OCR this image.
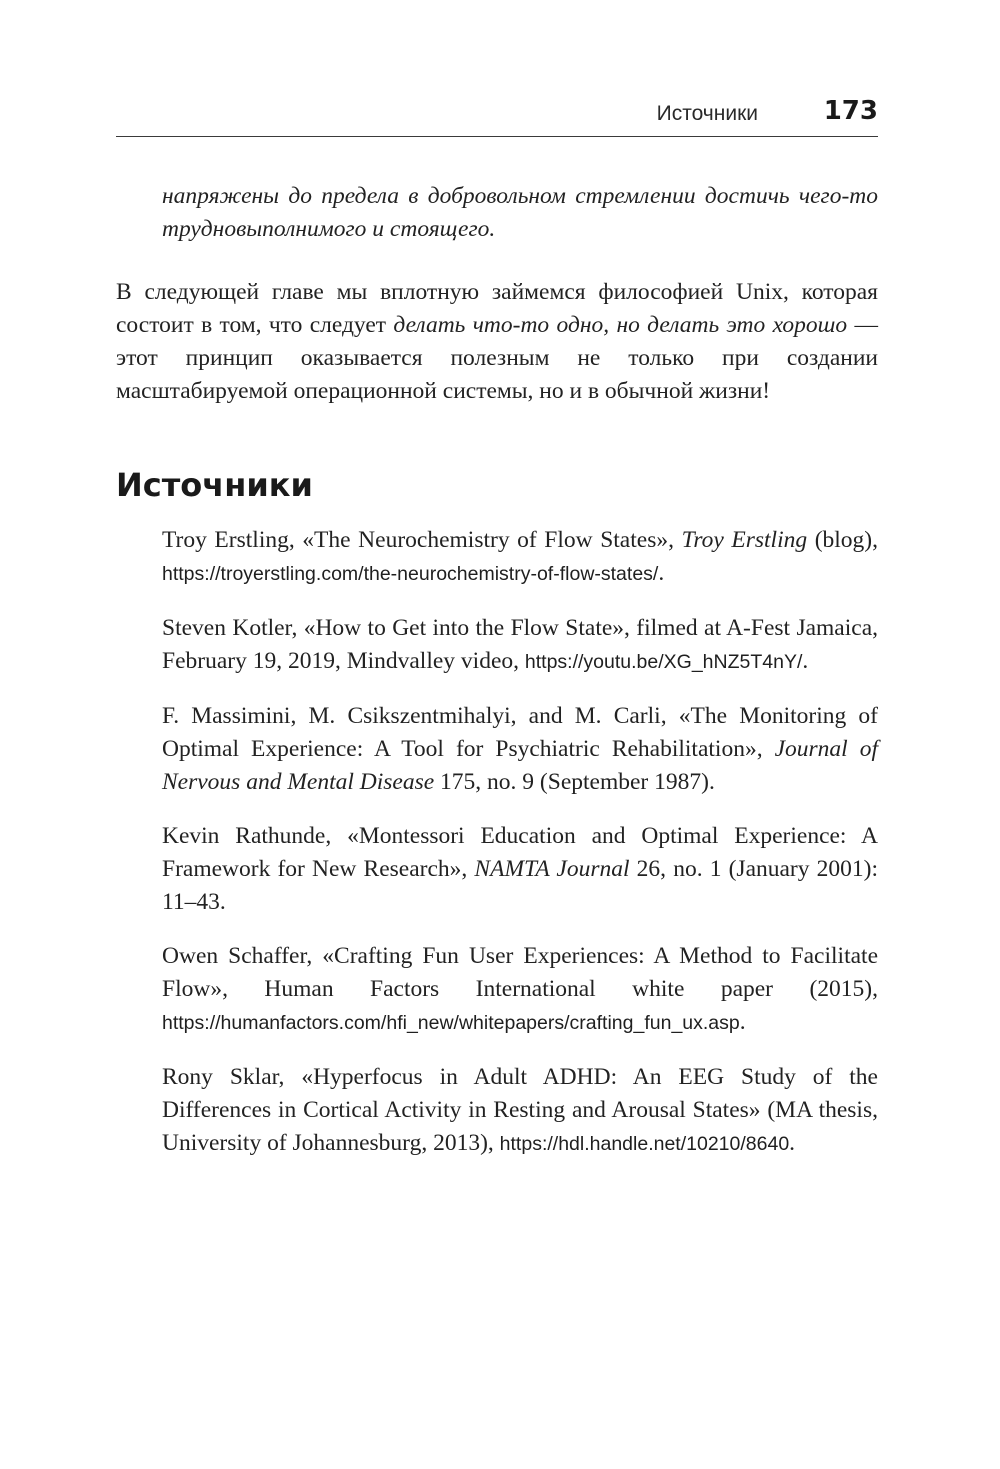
Источники	173

напряжены до предела в добровольном стремлении достичь чего-то трудновыполнимого и стоящего.

В следующей главе мы вплотную займемся философией Unix, которая состоит в том, что следует делать что-то одно, но делать это хорошо — этот принцип оказывается полезным не только при создании масштабируемой операционной системы, но и в обычной жизни!

Источники

Troy Erstling, «The Neurochemistry of Flow States», Troy Erstling (blog), https://troyerstling.com/the-neurochemistry-of-flow-states/.

Steven Kotler, «How to Get into the Flow State», filmed at A-Fest Jamaica, February 19, 2019, Mindvalley video, https://youtu.be/XG_hNZ5T4nY/.

F. Massimini, M. Csikszentmihalyi, and M. Carli, «The Monitoring of Optimal Experience: A Tool for Psychiatric Rehabilitation», Journal of Nervous and Mental Disease 175, no. 9 (September 1987).

Kevin Rathunde, «Montessori Education and Optimal Experience: A Framework for New Research», NAMTA Journal 26, no. 1 (January 2001): 11–43.

Owen Schaffer, «Crafting Fun User Experiences: A Method to Facilitate Flow», Human Factors International white paper (2015), https://humanfactors.com/hfi_new/whitepapers/crafting_fun_ux.asp.

Rony Sklar, «Hyperfocus in Adult ADHD: An EEG Study of the Differences in Cortical Activity in Resting and Arousal States» (MA thesis, University of Johannesburg, 2013), https://hdl.handle.net/10210/8640.
